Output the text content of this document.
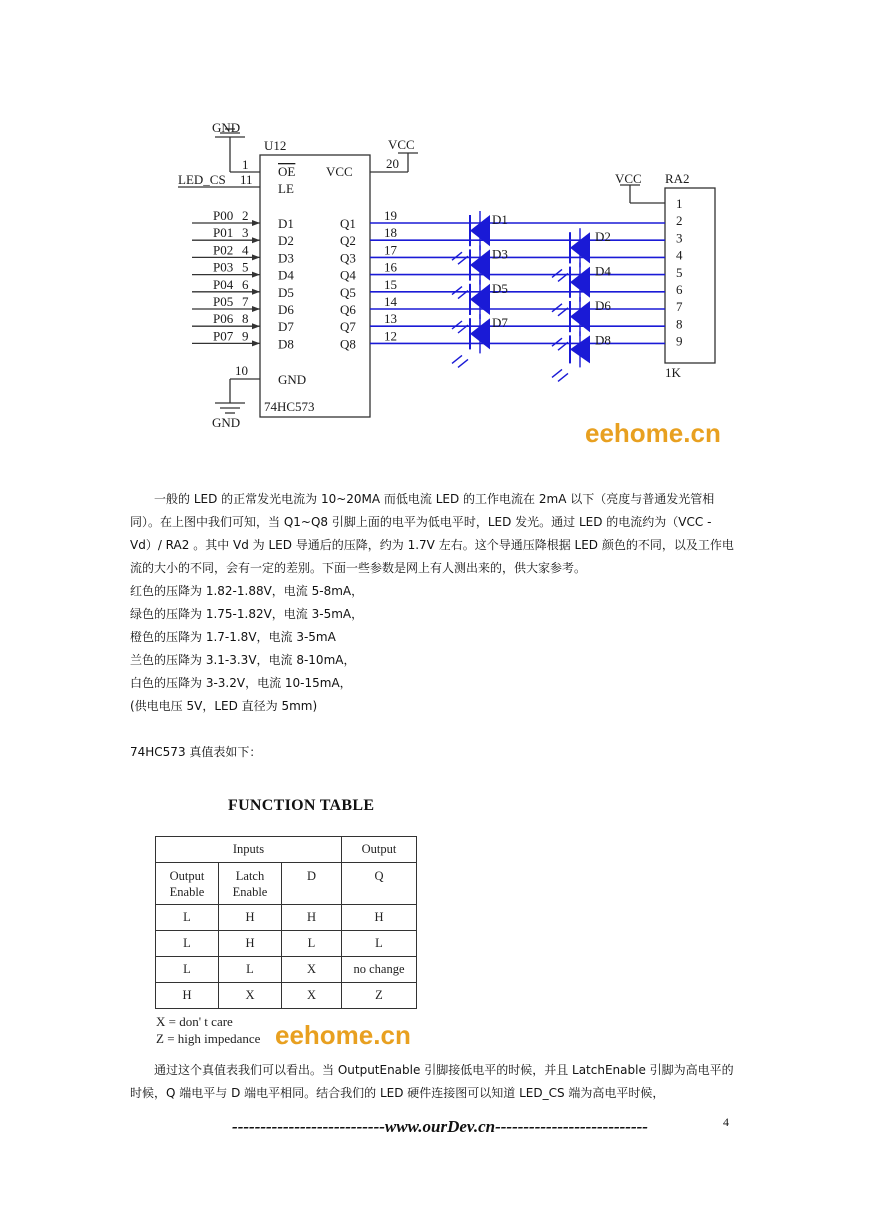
P00 2
D1
P01 3
D2
P02 4
D3
P03 5
D4
P04 6
D5
P05 7
D6
P06 8
D7
P07 9
D8
Q1
19
Q2
18
Q3
17
Q4
16
Q5
15
Q6
14
Q7
13
Q8
12
1
2
3
4
5
6
7
8
9
D1
D3
D5
D7
D2
D4
D6
D8
GND
U12
1 OE
LED_CS 11
LE
VCC
20
VCC
10
GND
74HC573
GND
VCC RA2
1K
eehome.cn

一般的 LED 的正常发光电流为 10~20MA 而低电流 LED 的工作电流在 2mA 以下（亮度与普通发光管相同）。在上图中我们可知，当 Q1~Q8 引脚上面的电平为低电平时，LED 发光。通过 LED 的电流约为（VCC - Vd）/ RA2 。其中 Vd 为 LED 导通后的压降，约为 1.7V 左右。这个导通压降根据 LED 颜色的不同，以及工作电流的大小的不同，会有一定的差别。下面一些参数是网上有人测出来的，供大家参考。

红色的压降为 1.82-1.88V，电流 5-8mA，

绿色的压降为 1.75-1.82V，电流 3-5mA，

橙色的压降为 1.7-1.8V，电流 3-5mA

兰色的压降为 3.1-3.3V，电流 8-10mA，

白色的压降为 3-3.2V，电流 10-15mA，

(供电电压 5V，LED 直径为 5mm)

74HC573 真值表如下：

FUNCTION TABLE
Inputs			Output
Output Enable	Latch Enable	D	Q
L	H	H	H
L	H	L	L
L	L	X	no change
H	X	X	Z
X = don' t care
Z = high impedance eehome.cn

通过这个真值表我们可以看出。当 OutputEnable 引脚接低电平的时候，并且 LatchEnable 引脚为高电平的时候，Q 端电平与 D 端电平相同。结合我们的 LED 硬件连接图可以知道 LED_CS 端为高电平时候，

---------------------------www.ourDev.cn---------------------------	4
